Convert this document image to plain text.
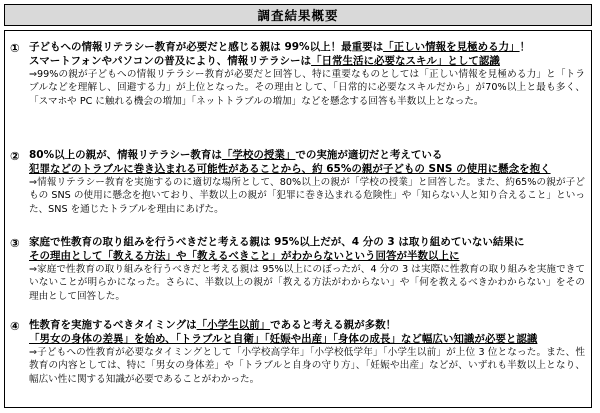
調査結果概要
① 子どもへの情報リテラシー教育が必要だと感じる親は 99%以上！最重要は「正しい情報を見極める力」！
スマートフォンやパソコンの普及により、情報リテラシーは「日常生活に必要なスキル」として認識
⇒99%の親が子どもへの情報リテラシー教育が必要だと回答し、特に重要なものとしては「正しい情報を見極める力」と「トラブルなどを理解し、回避する力」が上位となった。その理由として、「日常的に必要なスキルだから」が70%以上と最も多く、「スマホや PC に触れる機会の増加」「ネットトラブルの増加」などを懸念する回答も半数以上となった。
② 80%以上の親が、情報リテラシー教育は「学校の授業」での実施が適切だと考えている
犯罪などのトラブルに巻き込まれる可能性があることから、約 65%の親が子どもの SNS の使用に懸念を抱く
⇒情報リテラシー教育を実施するのに適切な場所として、80%以上の親が「学校の授業」と回答した。また、約65%の親が子どもの SNS の使用に懸念を抱いており、半数以上の親が「犯罪に巻き込まれる危険性」や「知らない人と知り合えること」といった、SNS を通じたトラブルを理由にあげた。
③ 家庭で性教育の取り組みを行うべきだと考える親は 95%以上だが、4 分の 3 は取り組めていない結果に
その理由として「教える方法」や「教えるべきこと」がわからないという回答が半数以上に
⇒家庭で性教育の取り組みを行うべきだと考える親は 95%以上にのぼったが、4 分の 3 は実際に性教育の取り組みを実施できていないことが明らかになった。さらに、半数以上の親が「教える方法がわからない」や「何を教えるべきかわからない」をその理由として回答した。
④ 性教育を実施するべきタイミングは「小学生以前」であると考える親が多数！
「男女の身体の差異」を始め、「トラブルと自衛」「妊娠や出産」「身体の成長」など幅広い知識が必要と認識
⇒子どもへの性教育が必要なタイミングとして「小学校高学年」「小学校低学年」「小学生以前」が上位 3 位となった。また、性教育の内容としては、特に「男女の身体差」や「トラブルと自身の守り方」、「妊娠や出産」などが、いずれも半数以上となり、幅広い性に関する知識が必要であることがわかった。
